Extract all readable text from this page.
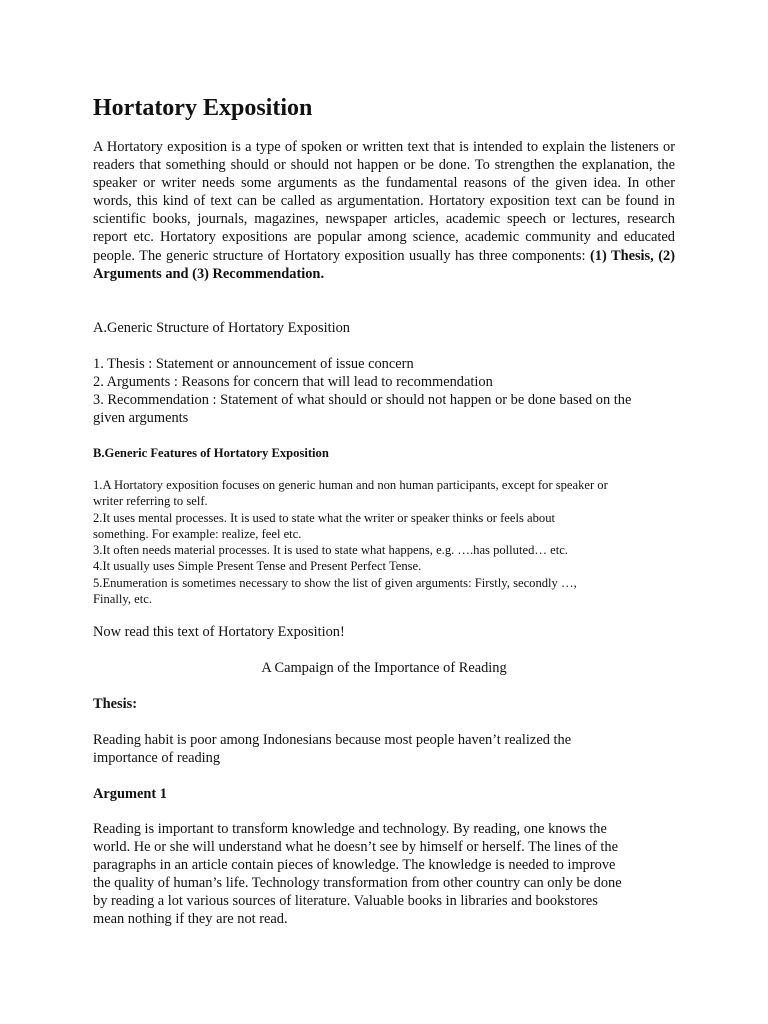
Hortatory Exposition

A Hortatory exposition is a type of spoken or written text that is intended to explain the listeners or readers that something should or should not happen or be done. To strengthen the explanation, the speaker or writer needs some arguments as the fundamental reasons of the given idea. In other words, this kind of text can be called as argumentation. Hortatory exposition text can be found in scientific books, journals, magazines, newspaper articles, academic speech or lectures, research report etc. Hortatory expositions are popular among science, academic community and educated people. The generic structure of Hortatory exposition usually has three components: (1) Thesis, (2) Arguments and (3) Recommendation.

A.Generic Structure of Hortatory Exposition

1. Thesis : Statement or announcement of issue concern

2. Arguments : Reasons for concern that will lead to recommendation

3. Recommendation : Statement of what should or should not happen or be done based on the

given arguments

B.Generic Features of Hortatory Exposition

1.A Hortatory exposition focuses on generic human and non human participants, except for speaker or

writer referring to self.

2.It uses mental processes. It is used to state what the writer or speaker thinks or feels about

something. For example: realize, feel etc.

3.It often needs material processes. It is used to state what happens, e.g. ….has polluted… etc.

4.It usually uses Simple Present Tense and Present Perfect Tense.

5.Enumeration is sometimes necessary to show the list of given arguments: Firstly, secondly …,

Finally, etc.

Now read this text of Hortatory Exposition!

A Campaign of the Importance of Reading

Thesis:

Reading habit is poor among Indonesians because most people haven’t realized the

importance of reading

Argument 1

Reading is important to transform knowledge and technology. By reading, one knows the

world. He or she will understand what he doesn’t see by himself or herself. The lines of the

paragraphs in an article contain pieces of knowledge. The knowledge is needed to improve

the quality of human’s life. Technology transformation from other country can only be done

by reading a lot various sources of literature. Valuable books in libraries and bookstores

mean nothing if they are not read.
